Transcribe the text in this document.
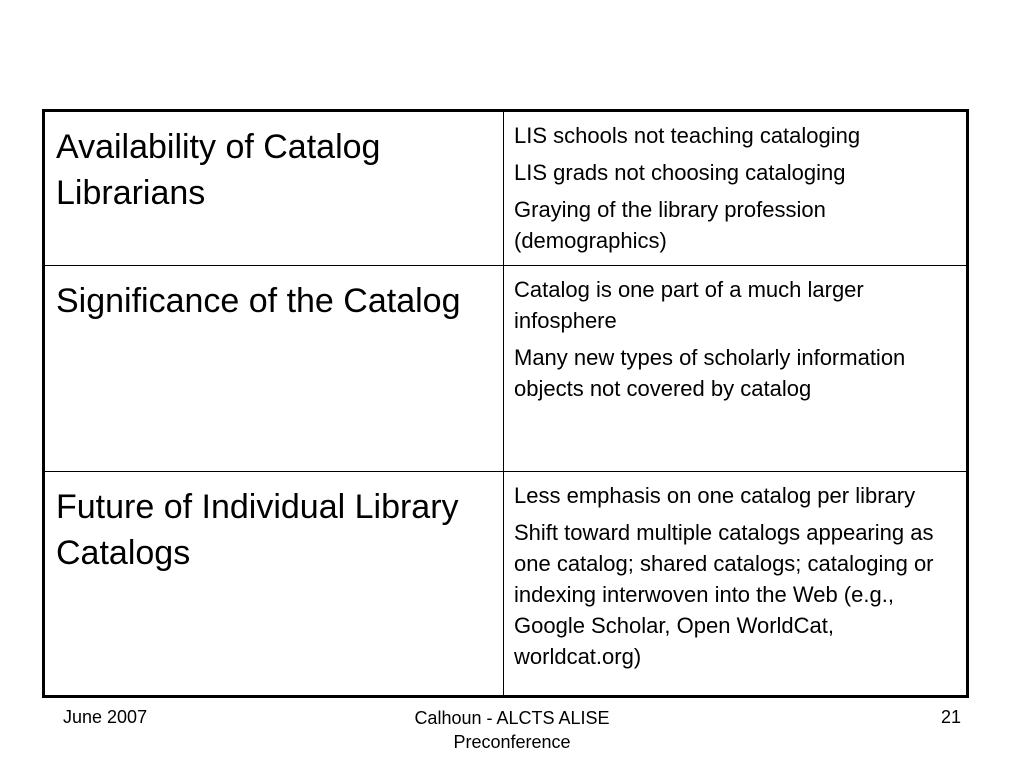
Availability of Catalog Librarians	LIS schools not teaching cataloging
LIS grads not choosing cataloging
Graying of the library profession (demographics)

Significance of the Catalog	Catalog is one part of a much larger infosphere
Many new types of scholarly information objects not covered by catalog

Future of Individual Library Catalogs	Less emphasis on one catalog per library
Shift toward multiple catalogs appearing as one catalog; shared catalogs; cataloging or indexing interwoven into the Web (e.g., Google Scholar, Open WorldCat, worldcat.org)
June 2007	Calhoun - ALCTS ALISE Preconference
21
